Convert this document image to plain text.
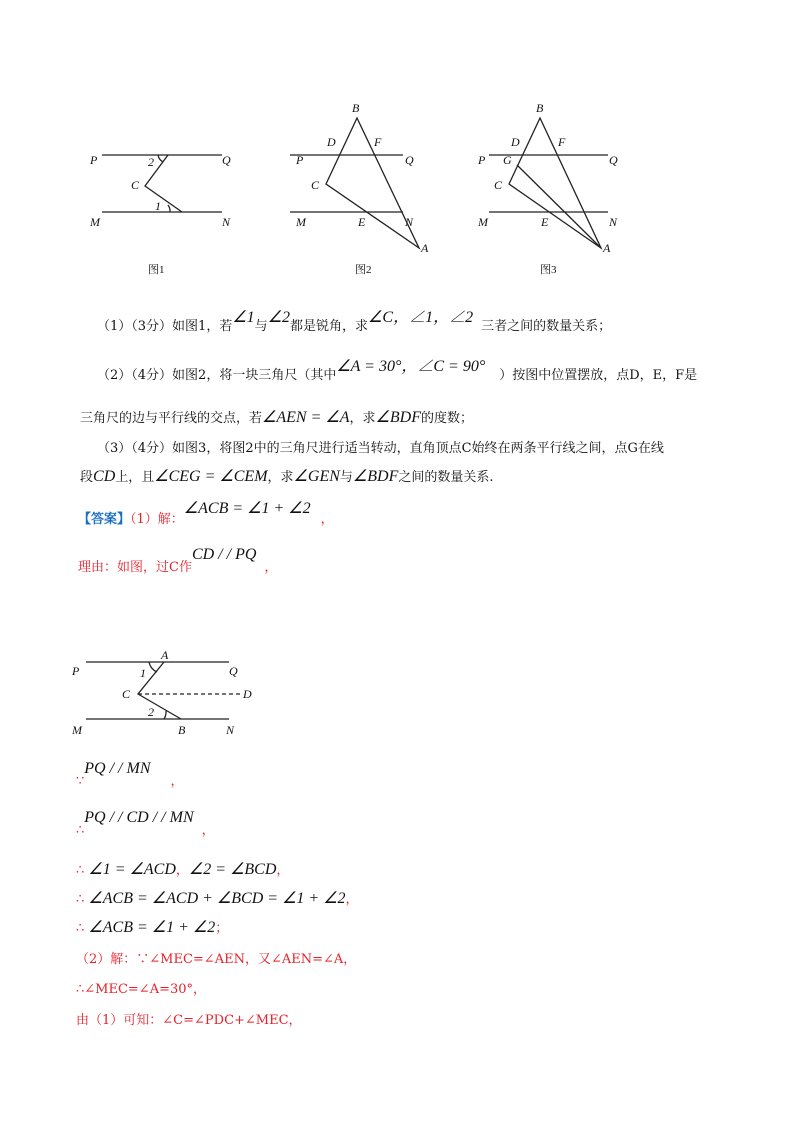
P	Q
2
C
1
M	N
图1
B
D	F
P	Q
C
M	E	N
A
图2
B
D	F
P G	Q
C
M	E	N
A
图3
A
P	Q
1
C	D
2
M	B	N
（1）（3分）如图1，若∠1与∠2都是锐角，求∠C，∠1，∠2三者之间的数量关系；
（2）（4分）如图2，将一块三角尺（其中∠A = 30°，∠C = 90°）按图中位置摆放，点D，E，F是
三角尺的边与平行线的交点，若∠AEN = ∠A，求∠BDF的度数；
（3）（4分）如图3，将图2中的三角尺进行适当转动，直角顶点C始终在两条平行线之间，点G在线
段CD上，且∠CEG = ∠CEM，求∠GEN与∠BDF之间的数量关系.
【答案】（1）解：∠ACB = ∠1 + ∠2，
理由：如图，过C作CD / / PQ，
∵PQ / / MN，
∴PQ / / CD / / MN，
∴ ∠1 = ∠ACD，∠2 = ∠BCD，
∴ ∠ACB = ∠ACD + ∠BCD = ∠1 + ∠2，
∴ ∠ACB = ∠1 + ∠2；
（2）解：∵∠MEC=∠AEN，又∠AEN=∠A，
∴∠MEC=∠A=30°，
由（1）可知：∠C=∠PDC+∠MEC，
